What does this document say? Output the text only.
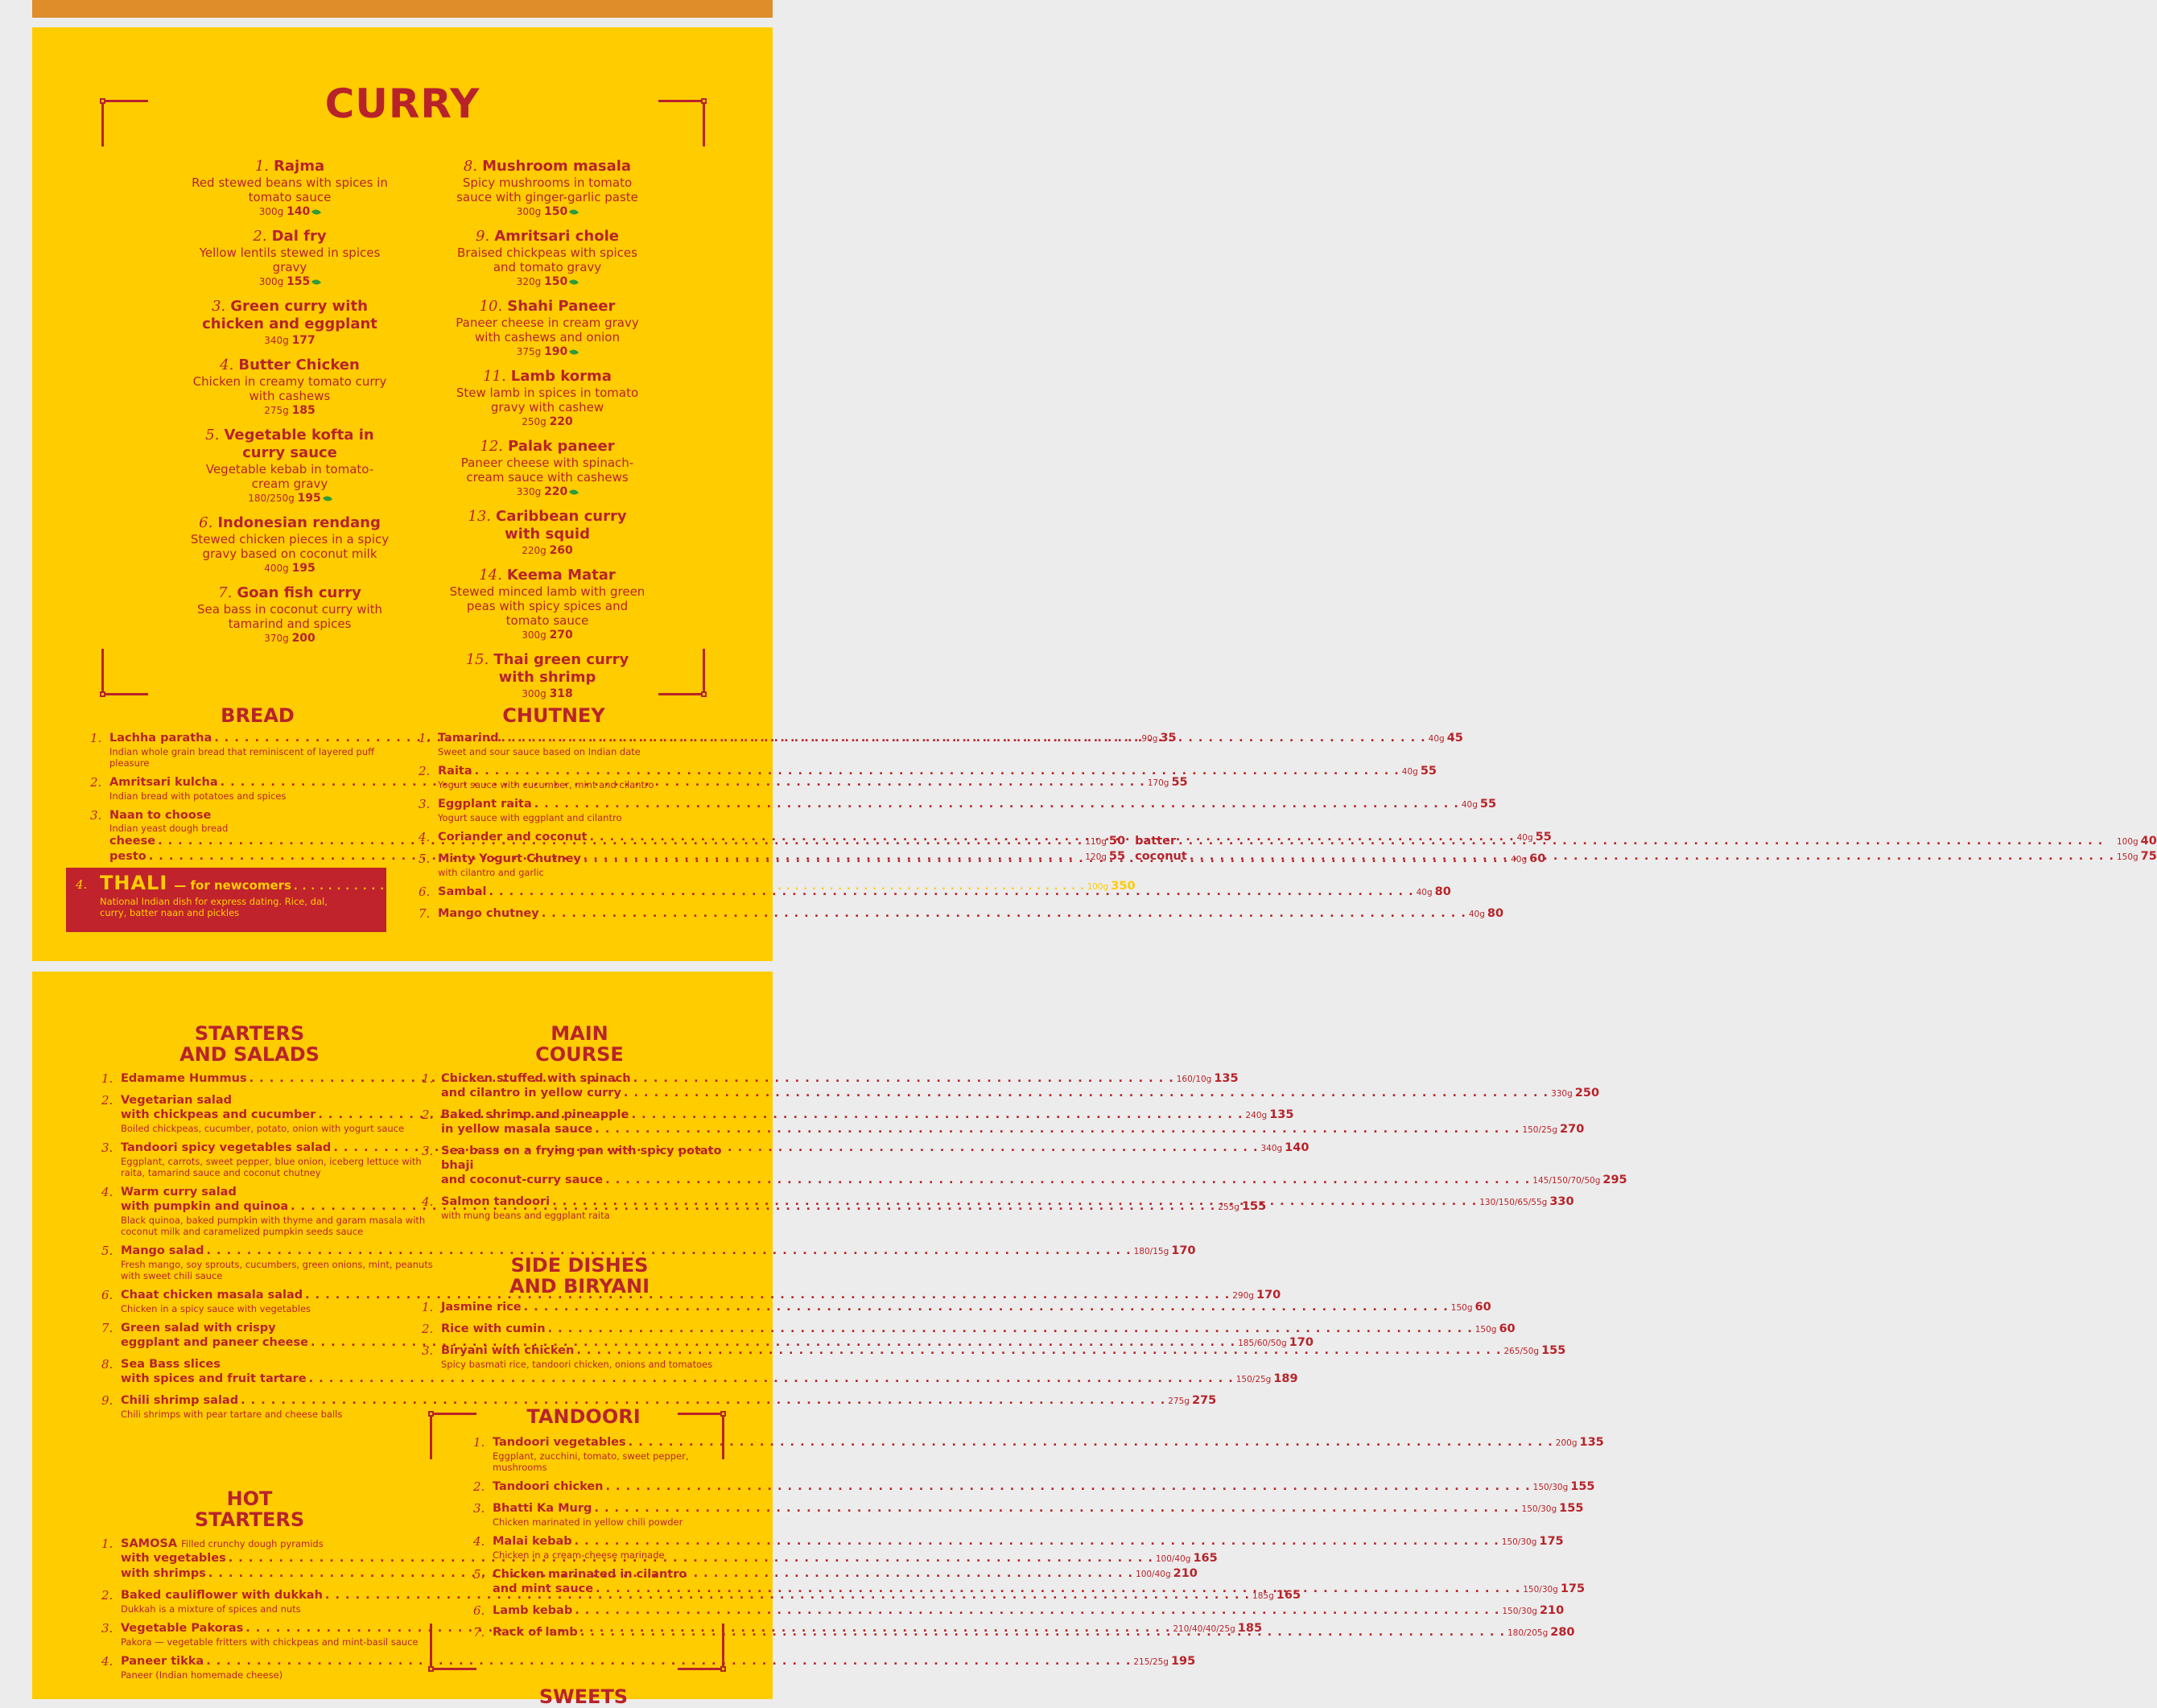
CURRY
1. Rajma
Red stewed beans with spices in tomato sauce
300g 140
2. Dal fry
Yellow lentils stewed in spices gravy
300g 155
3. Green curry with chicken and eggplant
340g 177
4. Butter Chicken
Chicken in creamy tomato curry with cashews
275g 185
5. Vegetable kofta in curry sauce
Vegetable kebab in tomato-cream gravy
180/250g 195
6. Indonesian rendang
Stewed chicken pieces in a spicy gravy based on coconut milk
400g 195
7. Goan fish curry
Sea bass in coconut curry with tamarind and spices
370g 200
8. Mushroom masala
Spicy mushrooms in tomato sauce with ginger-garlic paste
300g 150
9. Amritsari chole
Braised chickpeas with spices and tomato gravy
320g 150
10. Shahi Paneer
Paneer cheese in cream gravy with cashews and onion
375g 190
11. Lamb korma
Stew lamb in spices in tomato gravy with cashew
250g 220
12. Palak paneer
Paneer cheese with spinach-cream sauce with cashews
330g 220
13. Caribbean curry with squid
220g 260
14. Keema Matar
Stewed minced lamb with green peas with spicy spices and tomato sauce
300g 270
15. Thai green curry with shrimp
300g 318
BREAD	CHUTNEY
1. Lachha paratha . . .	90g 35
Indian whole grain bread that reminiscent of layered puff pleasure
2. Amritsari kulcha . . .	170g 55
Indian bread with potatoes and spices
3. Naan to choose
Indian yeast dough bread
cheese . . .	110g 50 batter . . .	100g 40
pesto . . .	120g 55 coconut . . .	150g 75
4. THALI — for newcomers . . .	100g 350
National Indian dish for express dating. Rice, dal, curry, batter naan and pickles
1. Tamarind . . .	40g 45
Sweet and sour sauce based on Indian date
2. Raita . . .	40g 55
Yogurt sauce with cucumber, mint and cilantro
3. Eggplant raita . . .	40g 55
Yogurt sauce with eggplant and cilantro
4. Coriander and coconut . . .	40g 55
5. Minty Yogurt Chutney . . .	40g 60
with cilantro and garlic
6. Sambal . . .	40g 80
7. Mango chutney . . .	40g 80
STARTERS
AND SALADS
MAIN
COURSE
1. Edamame Hummus . . .	160/10g 135
2. Vegetarian salad
with chickpeas and cucumber . . .	240g 135
Boiled chickpeas, cucumber, potato, onion with yogurt sauce
3. Tandoori spicy vegetables salad . . .	340g 140
Eggplant, carrots, sweet pepper, blue onion, iceberg lettuce with raita, tamarind sauce and coconut chutney
4. Warm curry salad
with pumpkin and quinoa . . .	255g 155
Black quinoa, baked pumpkin with thyme and garam masala with coconut milk and caramelized pumpkin seeds sauce
5. Mango salad . . .	180/15g 170
Fresh mango, soy sprouts, cucumbers, green onions, mint, peanuts with sweet chili sauce
6. Chaat chicken masala salad . . .	290g 170
Chicken in a spicy sauce with vegetables
7. Green salad with crispy
eggplant and paneer cheese . . .	185/60/50g 170
8. Sea Bass slices
with spices and fruit tartare . . .	150/25g 189
9. Chili shrimp salad . . .	275g 275
Chili shrimps with pear tartare and cheese balls
HOT
STARTERS
1. SAMOSA Filled crunchy dough pyramids
with vegetables . . .	100/40g 165
with shrimps . . .	100/40g 210
2. Baked cauliflower with dukkah . . .	185g 165
Dukkah is a mixture of spices and nuts
3. Vegetable Pakoras . . .	210/40/40/25g 185
Pakora — vegetable fritters with chickpeas and mint-basil sauce
4. Paneer tikka . . .	215/25g 195
Paneer (Indian homemade cheese)
1. Chicken stuffed with spinach
and cilantro in yellow curry . . .	330g 250
2. Baked shrimp and pineapple
in yellow masala sauce . . .	150/25g 270
3. Sea bass on a frying pan with spicy potato bhaji
and coconut-curry sauce . . .	145/150/70/50g 295
4. Salmon tandoori . . .	130/150/65/55g 330
with mung beans and eggplant raita
SIDE DISHES
AND BIRYANI
1. Jasmine rice . . .	150g 60
2. Rice with cumin . . .	150g 60
3. Biryani with chicken . . .	265/50g 155
Spicy basmati rice, tandoori chicken, onions and tomatoes
TANDOORI
1. Tandoori vegetables . . .	200g 135
Eggplant, zucchini, tomato, sweet pepper, mushrooms
2. Tandoori chicken . . .	150/30g 155
3. Bhatti Ka Murg . . .	150/30g 155
Chicken marinated in yellow chili powder
4. Malai kebab . . .	150/30g 175
Chicken in a cream-cheese marinade
5. Chicken marinated in cilantro
and mint sauce . . .	150/30g 175
6. Lamb kebab . . .	150/30g 210
7. Rack of lamb . . .	180/205g 280
SWEETS
